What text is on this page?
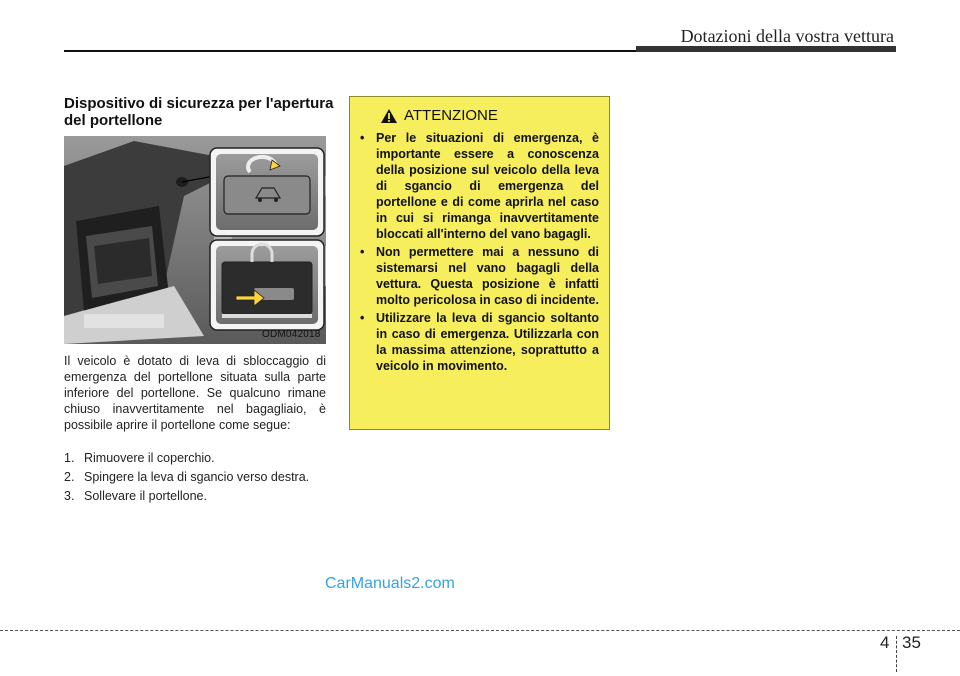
Dotazioni della vostra vettura
Dispositivo di sicurezza per l'apertura del portellone
ODM042018
Il veicolo è dotato di leva di sbloccaggio di emergenza del portellone situata sulla parte inferiore del portellone. Se qualcuno rimane chiuso inavvertitamente nel bagagliaio, è possibile aprire il portellone come segue:
1. Rimuovere il coperchio.
2. Spingere la leva di sgancio verso destra.
3. Sollevare il portellone.
ATTENZIONE
• Per le situazioni di emergenza, è importante essere a conoscenza della posizione sul veicolo della leva di sgancio di emergenza del portellone e di come aprirla nel caso in cui si rimanga inavvertitamente bloccati all'interno del vano bagagli.
• Non permettere mai a nessuno di sistemarsi nel vano bagagli della vettura. Questa posizione è infatti molto pericolosa in caso di incidente.
• Utilizzare la leva di sgancio soltanto in caso di emergenza. Utilizzarla con la massima attenzione, soprattutto a veicolo in movimento.
CarManuals2.com
4 35
